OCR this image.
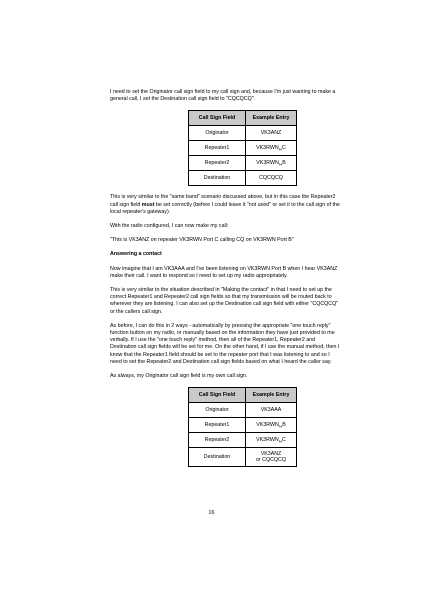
I need to set the Originator call sign field to my call sign and, because I'm just wanting to make a general call, I set the Destination call sign field to "CQCQCQ".

Call Sign Field	Example Entry
Originator	VK3ANZ
Repeater1	VK3RWN␣C
Repeater2	VK3RWN␣B
Destination	CQCQCQ

This is very similar to the "same band" scenario discussed above, but in this case the Repeater2 call sign field must be set correctly (before I could leave it "not used" or set it to the call sign of the local repeater's gateway).

With the radio configured, I can now make my call:

"This is VK3ANZ on repeater VK3RWN Port C calling CQ on VK3RWN Port B"

Answering a contact

Now imagine that I am VK3AAA and I've been listening on VK3RWN Port B when I hear VK3ANZ make their call. I want to respond so I need to set up my radio appropriately.

This is very similar to the situation described in "Making the contact" in that I need to set up the correct Repeater1 and Repeater2 call sign fields so that my transmission will be routed back to wherever they are listening. I can also set up the Destination call sign field with either "CQCQCQ" or the callers call sign.

As before, I can do this in 2 ways - automatically by pressing the appropriate "one touch reply" function button on my radio, or manually based on the information they have just provided to me verbally. If I use the "one touch reply" method, then all of the Repeater1, Repeater2 and Destination call sign fields will be set for me. On the other hand, if I use the manual method, then I know that the Repeater1 field should be set to the repeater port that I was listening to and so I need to set the Repeater2 and Destination call sign fields based on what I heard the caller say.

As always, my Originator call sign field is my own call sign.

Call Sign Field	Example Entry
Originator	VK3AAA
Repeater1	VK3RWN␣B
Repeater2	VK3RWN␣C
Destination	VK3ANZ
or CQCQCQ
16
